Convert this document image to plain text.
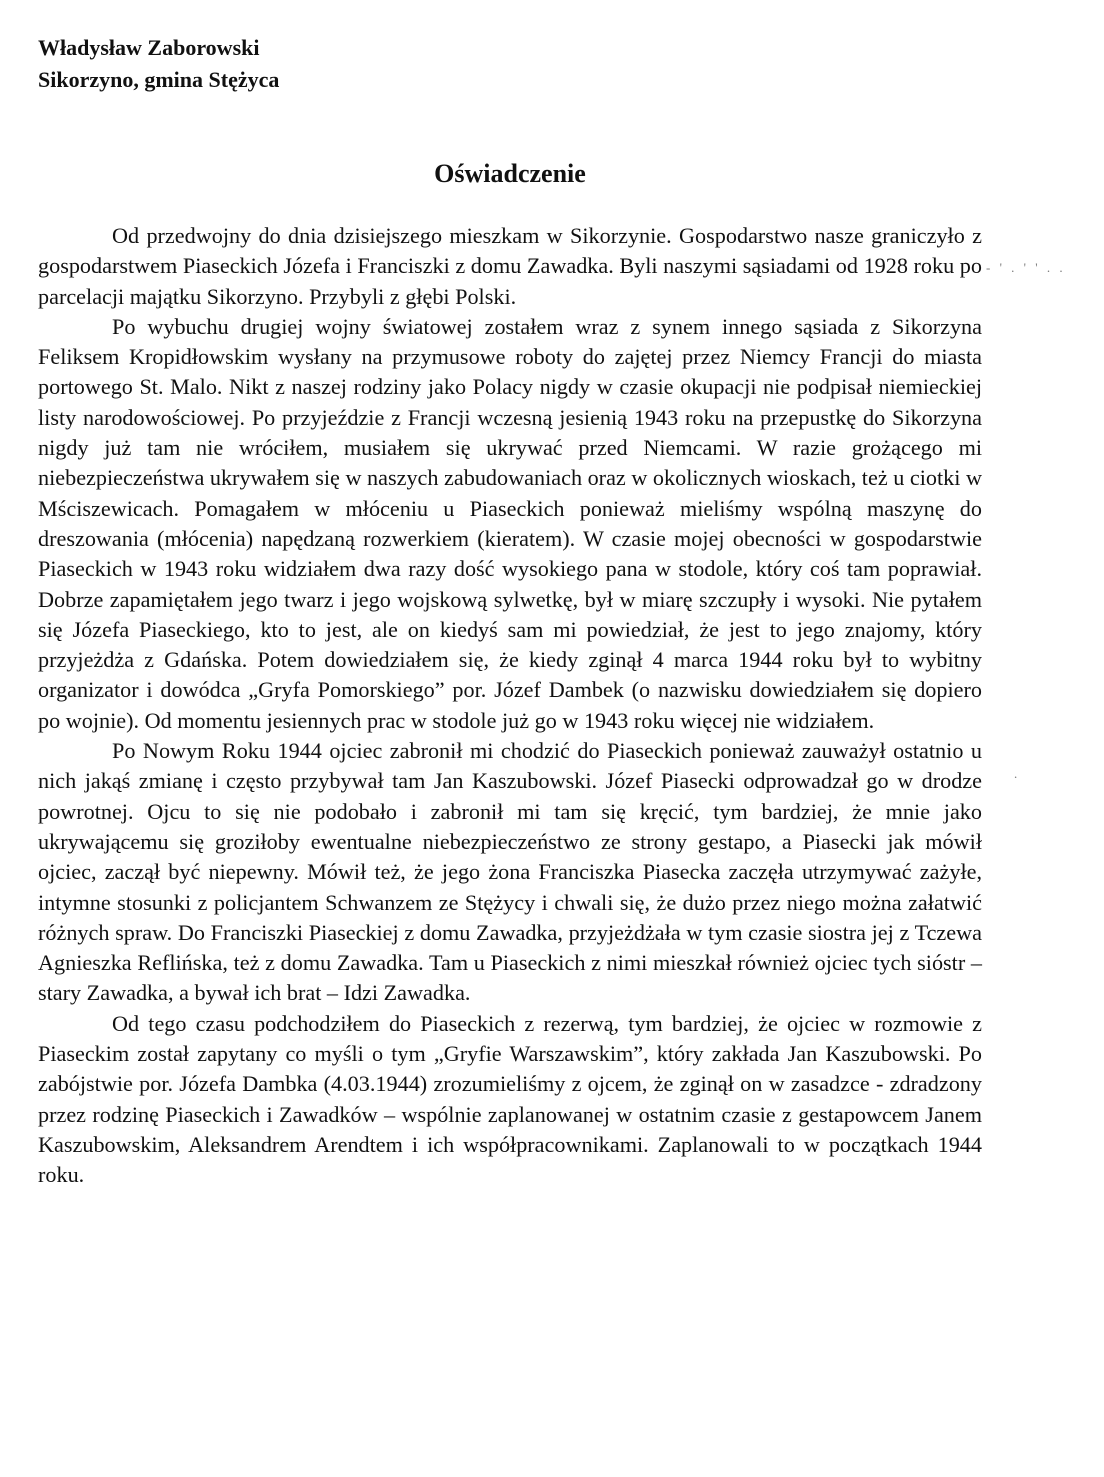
Władysław Zaborowski
Sikorzyno, gmina Stężyca
Oświadczenie

Od przedwojny do dnia dzisiejszego mieszkam w Sikorzynie. Gospodarstwo nasze graniczyło z gospodarstwem Piaseckich Józefa i Franciszki z domu Zawadka. Byli naszymi sąsiadami od 1928 roku po parcelacji majątku Sikorzyno. Przybyli z głębi Polski.

Po wybuchu drugiej wojny światowej zostałem wraz z synem innego sąsiada z Sikorzyna Feliksem Kropidłowskim wysłany na przymusowe roboty do zajętej przez Niemcy Francji do miasta portowego St. Malo. Nikt z naszej rodziny jako Polacy nigdy w czasie okupacji nie podpisał niemieckiej listy narodowościowej. Po przyjeździe z Francji wczesną jesienią 1943 roku na przepustkę do Sikorzyna nigdy już tam nie wróciłem, musiałem się ukrywać przed Niemcami. W razie grożącego mi niebezpieczeństwa ukrywałem się w naszych zabudowaniach oraz w okolicznych wioskach, też u ciotki w Mściszewicach. Pomagałem w młóceniu u Piaseckich ponieważ mieliśmy wspólną maszynę do dreszowania (młócenia) napędzaną rozwerkiem (kieratem). W czasie mojej obecności w gospodarstwie Piaseckich w 1943 roku widziałem dwa razy dość wysokiego pana w stodole, który coś tam poprawiał. Dobrze zapamiętałem jego twarz i jego wojskową sylwetkę, był w miarę szczupły i wysoki. Nie pytałem się Józefa Piaseckiego, kto to jest, ale on kiedyś sam mi powiedział, że jest to jego znajomy, który przyjeżdża z Gdańska. Potem dowiedziałem się, że kiedy zginął 4 marca 1944 roku był to wybitny organizator i dowódca „Gryfa Pomorskiego” por. Józef Dambek (o nazwisku dowiedziałem się dopiero po wojnie). Od momentu jesiennych prac w stodole już go w 1943 roku więcej nie widziałem.

Po Nowym Roku 1944 ojciec zabronił mi chodzić do Piaseckich ponieważ zauważył ostatnio u nich jakąś zmianę i często przybywał tam Jan Kaszubowski. Józef Piasecki odprowadzał go w drodze powrotnej. Ojcu to się nie podobało i zabronił mi tam się kręcić, tym bardziej, że mnie jako ukrywającemu się groziłoby ewentualne niebezpieczeństwo ze strony gestapo, a Piasecki jak mówił ojciec, zaczął być niepewny. Mówił też, że jego żona Franciszka Piasecka zaczęła utrzymywać zażyłe, intymne stosunki z policjantem Schwanzem ze Stężycy i chwali się, że dużo przez niego można załatwić różnych spraw. Do Franciszki Piaseckiej z domu Zawadka, przyjeżdżała w tym czasie siostra jej z Tczewa Agnieszka Reflińska, też z domu Zawadka. Tam u Piaseckich z nimi mieszkał również ojciec tych sióstr – stary Zawadka, a bywał ich brat – Idzi Zawadka.

Od tego czasu podchodziłem do Piaseckich z rezerwą, tym bardziej, że ojciec w rozmowie z Piaseckim został zapytany co myśli o tym „Gryfie Warszawskim”, który zakłada Jan Kaszubowski. Po zabójstwie por. Józefa Dambka (4.03.1944) zrozumieliśmy z ojcem, że zginął on w zasadzce - zdradzony przez rodzinę Piaseckich i Zawadków – wspólnie zaplanowanej w ostatnim czasie z gestapowcem Janem Kaszubowskim, Aleksandrem Arendtem i ich współpracownikami. Zaplanowali to w początkach 1944 roku.

- ' . ' ' . .
.
